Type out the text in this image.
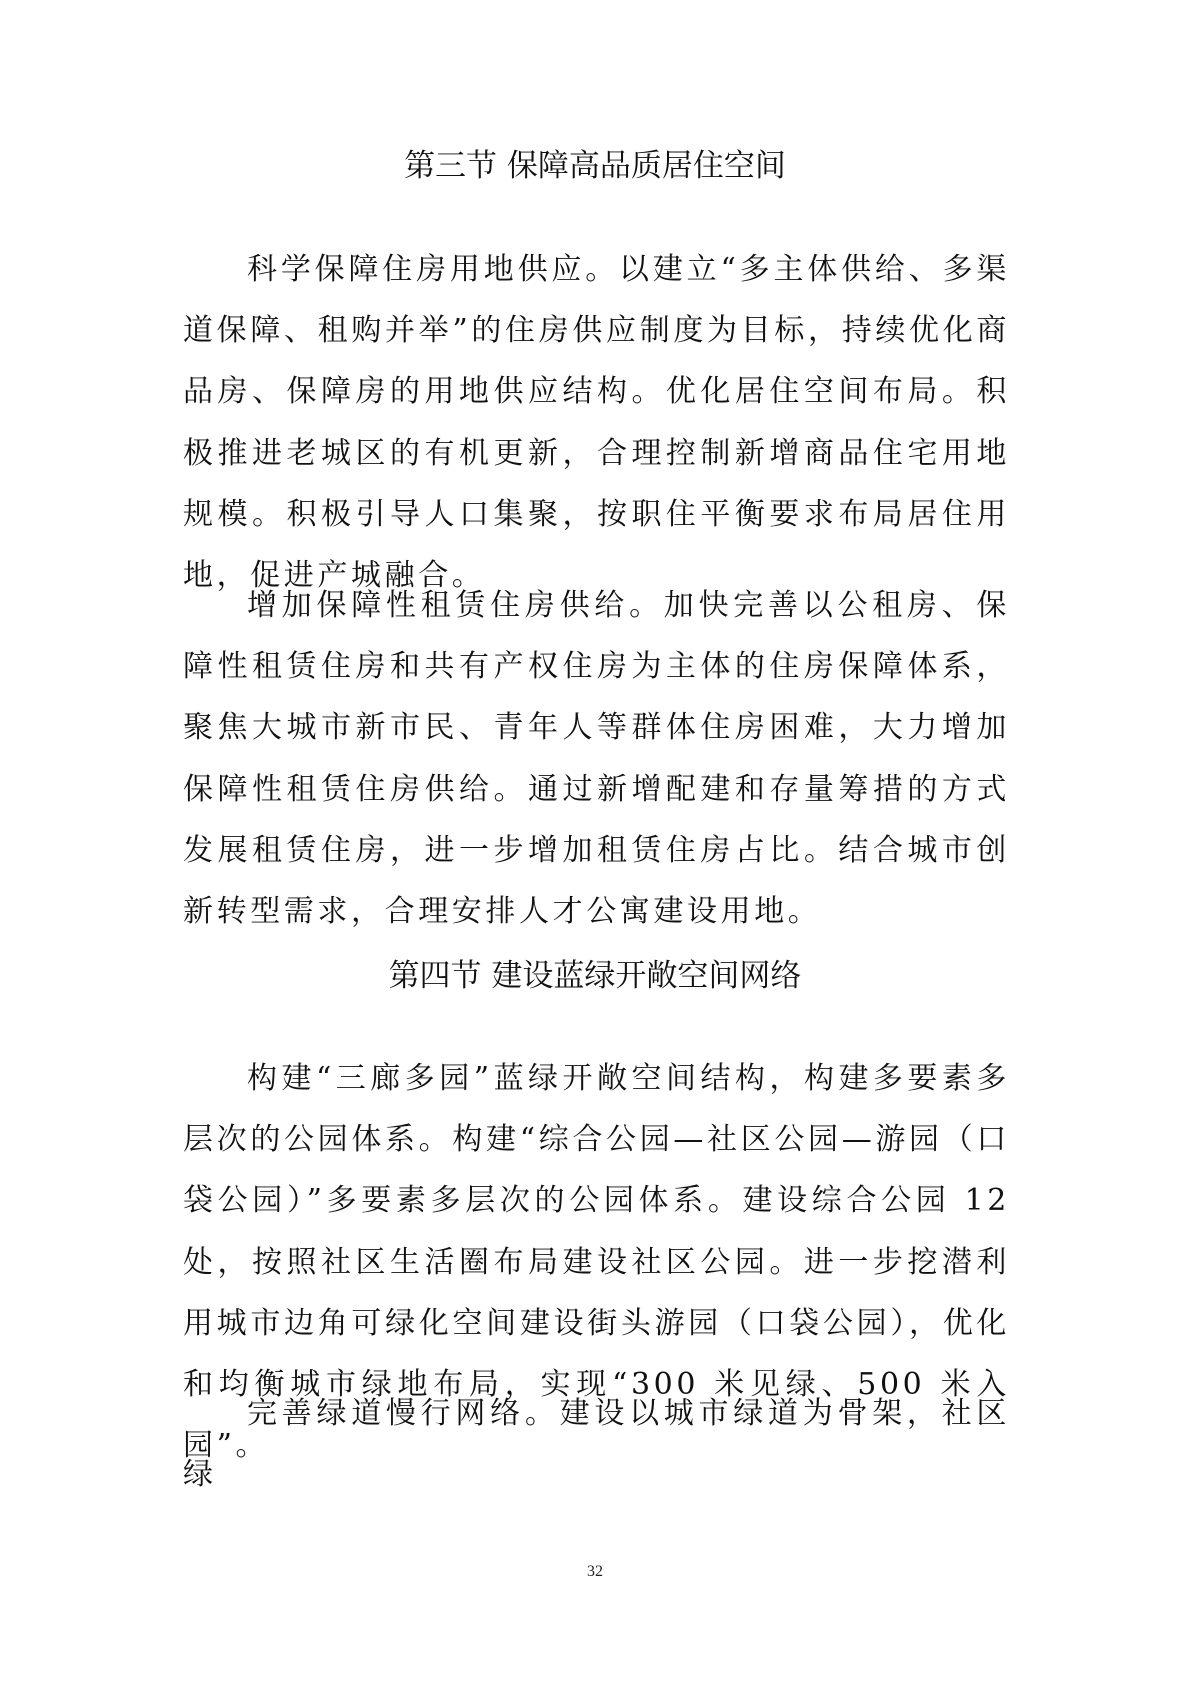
第三节 保障高品质居住空间

科学保障住房用地供应。以建立“多主体供给、多渠道保障、租购并举”的住房供应制度为目标，持续优化商品房、保障房的用地供应结构。优化居住空间布局。积极推进老城区的有机更新，合理控制新增商品住宅用地规模。积极引导人口集聚，按职住平衡要求布局居住用地，促进产城融合。

增加保障性租赁住房供给。加快完善以公租房、保障性租赁住房和共有产权住房为主体的住房保障体系，聚焦大城市新市民、青年人等群体住房困难，大力增加保障性租赁住房供给。通过新增配建和存量筹措的方式发展租赁住房，进一步增加租赁住房占比。结合城市创新转型需求，合理安排人才公寓建设用地。

第四节 建设蓝绿开敞空间网络

构建“三廊多园”蓝绿开敞空间结构，构建多要素多层次的公园体系。构建“综合公园—社区公园—游园（口袋公园）”多要素多层次的公园体系。建设综合公园 12 处，按照社区生活圈布局建设社区公园。进一步挖潜利用城市边角可绿化空间建设街头游园（口袋公园），优化和均衡城市绿地布局，实现“300 米见绿、500 米入园”。

完善绿道慢行网络。建设以城市绿道为骨架，社区绿

32
